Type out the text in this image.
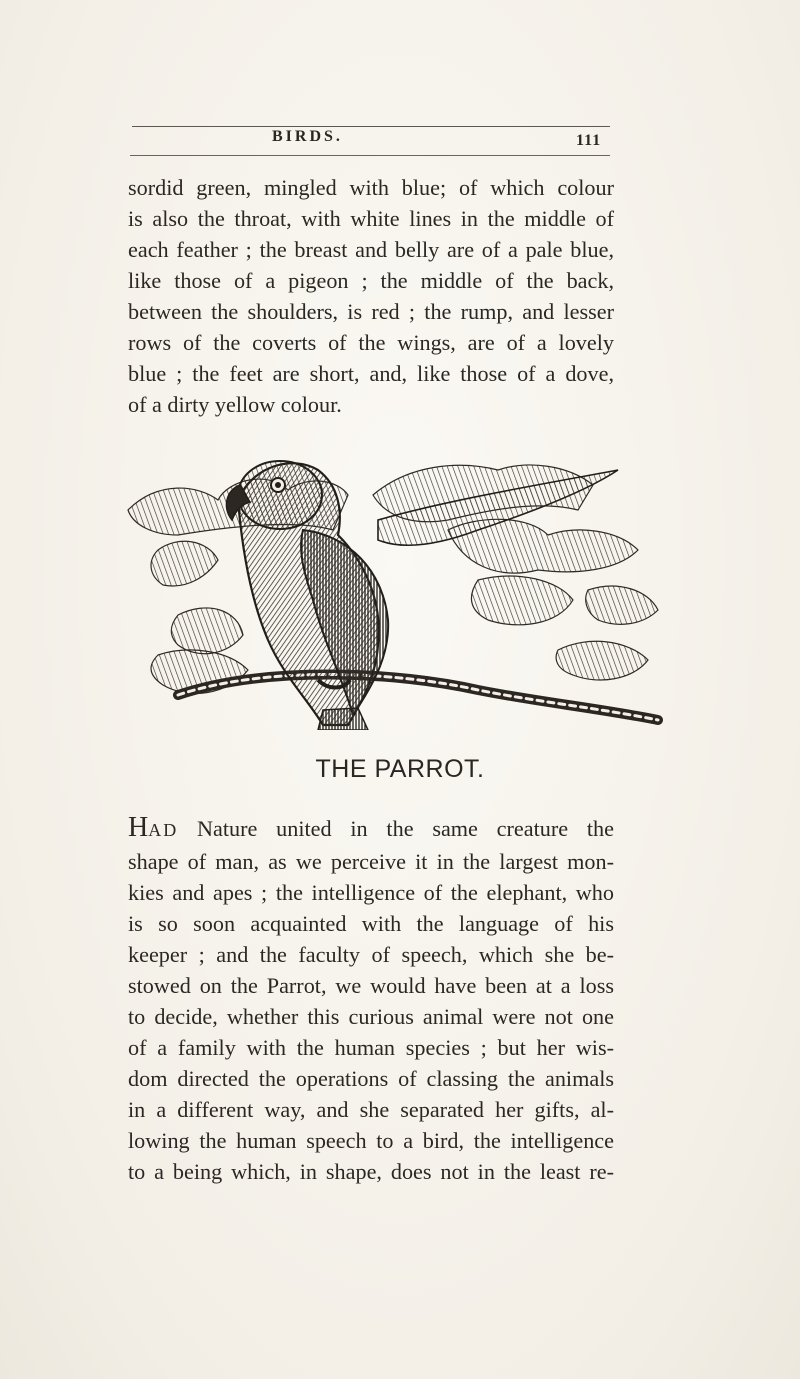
BIRDS.	111

sordid green, mingled with blue; of which colour
is also the throat, with white lines in the middle of
each feather ; the breast and belly are of a pale blue,
like those of a pigeon ; the middle of the back,
between the shoulders, is red ; the rump, and lesser
rows of the coverts of the wings, are of a lovely
blue ; the feet are short, and, like those of a dove,
of a dirty yellow colour.

THE PARROT.

HAD Nature united in the same creature the
shape of man, as we perceive it in the largest mon-
kies and apes ; the intelligence of the elephant, who
is so soon acquainted with the language of his
keeper ; and the faculty of speech, which she be-
stowed on the Parrot, we would have been at a loss
to decide, whether this curious animal were not one
of a family with the human species ; but her wis-
dom directed the operations of classing the animals
in a different way, and she separated her gifts, al-
lowing the human speech to a bird, the intelligence
to a being which, in shape, does not in the least re-
